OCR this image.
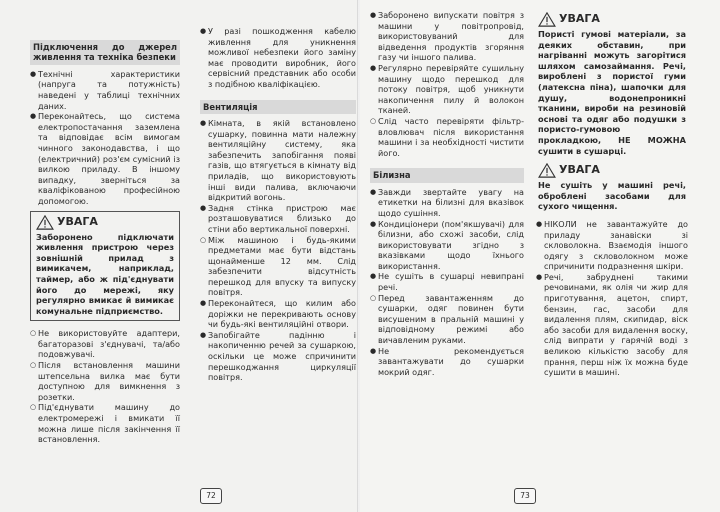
Підключення до джерел живлення та техніка безпеки

● Технічні характеристики (напруга та потужність) наведені у таблиці технічних даних.

● Переконайтесь, що система електропостачання заземлена та відповідає всім вимогам чинного законодавства, і що (електричний) роз'єм сумісний із вилкою приладу. В іншому випадку, зверніться за кваліфікованою професійною допомогою.

УВАГА
Заборонено підключати живлення пристрою через зовнішній прилад з вимикачем, наприклад, таймер, або ж під'єднувати його до мережі, яку регулярно вмикає й вимикає комунальне підприємство.

○ Не використовуйте адаптери, багаторазові з'єднувачі, та/або подовжувачі.

○ Після встановлення машини штепсельна вилка має бути доступною для вимкнення з розетки.

○ Під'єднувати машину до електромережі і вмикати її можна лише після закінчення її встановлення.

● У разі пошкодження кабелю живлення для уникнення можливої небезпеки його заміну має проводити виробник, його сервісний представник або особи з подібною кваліфікацією.

Вентиляція

● Кімната, в якій встановлено сушарку, повинна мати належну вентиляційну систему, яка забезпечить запобігання появі газів, що втягується в кімнату від приладів, що використовують інші види палива, включаючи відкритий вогонь.

● Задня стінка пристрою має розташовуватися близько до стіни або вертикальної поверхні.

○ Між машиною і будь-якими предметами має бути відстань щонайменше 12 мм. Слід забезпечити відсутність перешкод для впуску та випуску повітря.

● Переконайтеся, що килим або доріжки не перекривають основу чи будь-які вентиляційні отвори.

● Запобігайте падінню і накопиченню речей за сушаркою, оскільки це може спричинити перешкоджання циркуляції повітря.

72

● Заборонено випускати повітря з машини у повітропровід, використовуваний для відведення продуктів згоряння газу чи іншого палива.

● Регулярно перевіряйте сушильну машину щодо перешкод для потоку повітря, щоб уникнути накопичення пилу й волокон тканей.

○ Слід часто перевіряти фільтр-вловлювач після використання машини і за необхідності чистити його.

Білизна

● Завжди звертайте увагу на етикетки на білизні для вказівок щодо сушіння.

● Кондиціонери (пом'якшувачі) для білизни, або схожі засоби, слід використовувати згідно з вказівками щодо їхнього використання.

● Не сушіть в сушарці невипрані речі.

○ Перед завантаженням до сушарки, одяг повинен бути висушеним в пральній машині у відповідному режимі або вичавленим руками.

● Не рекомендується завантажувати до сушарки мокрий одяг.

УВАГА
Пористі гумові матеріали, за деяких обставин, при нагріванні можуть загорітися шляхом самозаймання. Речі, вироблені з пористої гуми (латексна піна), шапочки для душу, водонепроникні тканини, вироби на резиновій основі та одяг або подушки з пористо-гумовою прокладкою, НЕ МОЖНА сушити в сушарці.
УВАГА
Не сушіть у машині речі, оброблені засобами для сухого чищення.

● НІКОЛИ не завантажуйте до приладу занавіски зі скловолокна. Взаємодія іншого одягу з скловолокном може спричинити подразнення шкіри.

● Речі, забруднені такими речовинами, як олія чи жир для приготування, ацетон, спирт, бензин, гас, засоби для видалення плям, скипидар, віск або засоби для видалення воску, слід випрати у гарячій воді з великою кількістю засобу для прання, перш ніж їх можна буде сушити в машині.

73
